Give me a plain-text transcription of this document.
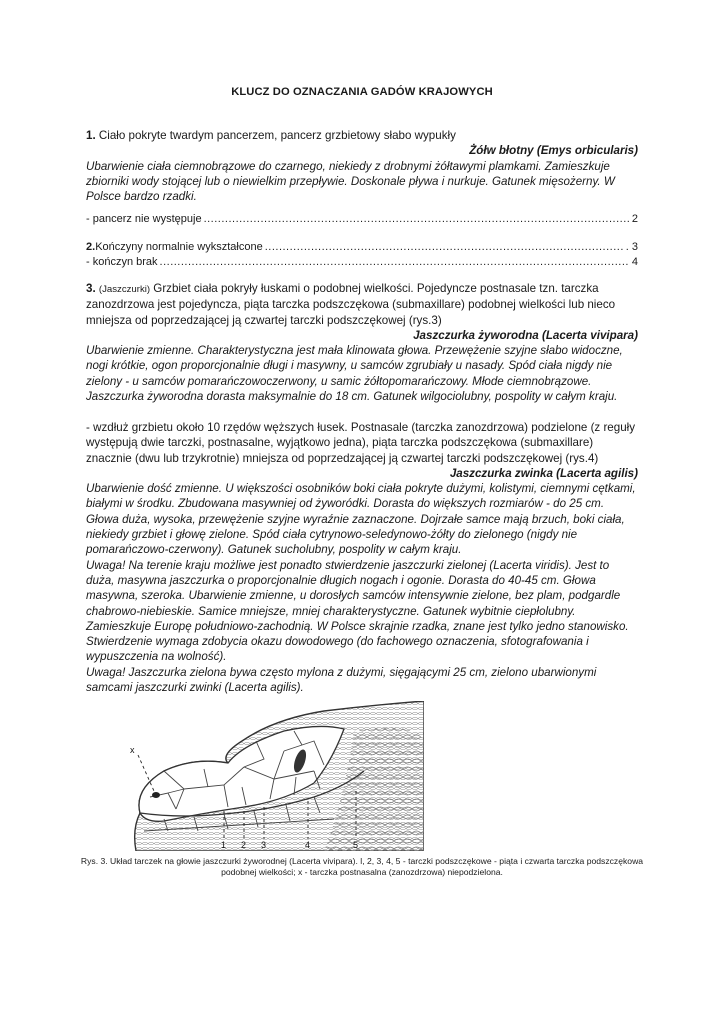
KLUCZ DO OZNACZANIA GADÓW KRAJOWYCH
1. Ciało pokryte twardym pancerzem, pancerz grzbietowy słabo wypukły
Żółw błotny (Emys orbicularis)
Ubarwienie ciała ciemnobrązowe do czarnego, niekiedy z drobnymi żółtawymi plamkami. Zamieszkuje zbiorniki wody stojącej lub o niewielkim przepływie. Doskonale pływa i nurkuje. Gatunek mięsożerny. W Polsce bardzo rzadki.
- pancerz nie występuje .....	2
2. Kończyny normalnie wykształcone .....	. 3
- kończyn brak .....	4
3. (Jaszczurki) Grzbiet ciała pokryły łuskami o podobnej wielkości. Pojedyncze postnasale tzn. tarczka zanozdrzowa jest pojedyncza, piąta tarczka podszczękowa (submaxillare) podobnej wielkości lub nieco mniejsza od poprzedzającej ją czwartej tarczki podszczękowej (rys.3)
Jaszczurka żyworodna (Lacerta vivipara)
Ubarwienie zmienne. Charakterystyczna jest mała klinowata głowa. Przewężenie szyjne słabo widoczne, nogi krótkie, ogon proporcjonalnie długi i masywny, u samców zgrubiały u nasady. Spód ciała nigdy nie zielony - u samców pomarańczowoczerwony, u samic żółtopomarańczowy. Młode ciemnobrązowe. Jaszczurka żyworodna dorasta maksymalnie do 18 cm. Gatunek wilgociolubny, pospolity w całym kraju.
- wzdłuż grzbietu około 10 rzędów węższych łusek. Postnasale (tarczka zanozdrzowa) podzielone (z reguły występują dwie tarczki, postnasalne, wyjątkowo jedna), piąta tarczka podszczękowa (submaxillare) znacznie (dwu lub trzykrotnie) mniejsza od poprzedzającej ją czwartej tarczki podszczękowej (rys.4)
Jaszczurka zwinka (Lacerta agilis)
Ubarwienie dość zmienne. U większości osobników boki ciała pokryte dużymi, kolistymi, ciemnymi cętkami, białymi w środku. Zbudowana masywniej od żyworódki. Dorasta do większych rozmiarów - do 25 cm. Głowa duża, wysoka, przewężenie szyjne wyraźnie zaznaczone. Dojrzałe samce mają brzuch, boki ciała, niekiedy grzbiet i głowę zielone. Spód ciała cytrynowo-seledynowo-żółty do zielonego (nigdy nie pomarańczowo-czerwony). Gatunek sucholubny, pospolity w całym kraju.
Uwaga! Na terenie kraju możliwe jest ponadto stwierdzenie jaszczurki zielonej (Lacerta viridis). Jest to duża, masywna jaszczurka o proporcjonalnie długich nogach i ogonie. Dorasta do 40-45 cm. Głowa masywna, szeroka. Ubarwienie zmienne, u dorosłych samców intensywnie zielone, bez plam, podgardle chabrowo-niebieskie. Samice mniejsze, mniej charakterystyczne. Gatunek wybitnie ciepłolubny. Zamieszkuje Europę południowo-zachodnią. W Polsce skrajnie rzadka, znane jest tylko jedno stanowisko. Stwierdzenie wymaga zdobycia okazu dowodowego (do fachowego oznaczenia, sfotografowania i wypuszczenia na wolność).
Uwaga! Jaszczurka zielona bywa często mylona z dużymi, sięgającymi 25 cm, zielono ubarwionymi samcami jaszczurki zwinki (Lacerta agilis).
x
1 2 3	4	5
Rys. 3. Układ tarczek na głowie jaszczurki żyworodnej (Lacerta vivipara). l, 2, 3, 4, 5 - tarczki podszczękowe - piąta i czwarta tarczka podszczękowa podobnej wielkości; x - tarczka postnasalna (zanozdrzowa) niepodzielona.
